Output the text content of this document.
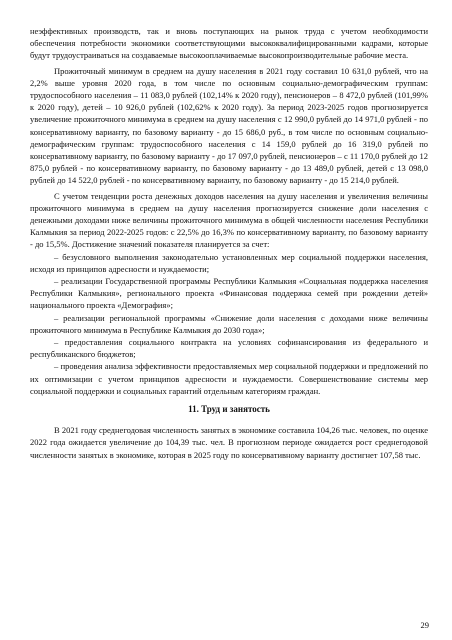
неэффективных производств, так и вновь поступающих на рынок труда с учетом необходимости обеспечения потребности экономики соответствующими высококвалифицированными кадрами, которые будут трудоустраиваться на создаваемые высокооплачиваемые высокопроизводительные рабочие места.

Прожиточный минимум в среднем на душу населения в 2021 году составил 10 631,0 рублей, что на 2,2% выше уровня 2020 года, в том числе по основным социально-демографическим группам: трудоспособного населения – 11 083,0 рублей (102,14% к 2020 году), пенсионеров – 8 472,0 рублей (101,99% к 2020 году), детей – 10 926,0 рублей (102,62% к 2020 году). За период 2023-2025 годов прогнозируется увеличение прожиточного минимума в среднем на душу населения с 12 990,0 рублей до 14 971,0 рублей - по консервативному варианту, по базовому варианту - до 15 686,0 руб., в том числе по основным социально-демографическим группам: трудоспособного населения с 14 159,0 рублей до 16 319,0 рублей по консервативному варианту, по базовому варианту - до 17 097,0 рублей, пенсионеров – с 11 170,0 рублей до 12 875,0 рублей - по консервативному варианту, по базовому варианту - до 13 489,0 рублей, детей с 13 098,0 рублей до 14 522,0 рублей - по консервативному варианту, по базовому варианту - до 15 214,0 рублей.

С учетом тенденции роста денежных доходов населения на душу населения и увеличения величины прожиточного минимума в среднем на душу населения прогнозируется снижение доли населения с денежными доходами ниже величины прожиточного минимума в общей численности населения Республики Калмыкия за период 2022-2025 годов: с 22,5% до 16,3% по консервативному варианту, по базовому варианту - до 15,5%. Достижение значений показателя планируется за счет:

– безусловного выполнения законодательно установленных мер социальной поддержки населения, исходя из принципов адресности и нуждаемости;

– реализации Государственной программы Республики Калмыкия «Социальная поддержка населения Республики Калмыкия», регионального проекта «Финансовая поддержка семей при рождении детей» национального проекта «Демография»;

– реализации региональной программы «Снижение доли населения с доходами ниже величины прожиточного минимума в Республике Калмыкия до 2030 года»;

– предоставления социального контракта на условиях софинансирования из федерального и республиканского бюджетов;

– проведения анализа эффективности предоставляемых мер социальной поддержки и предложений по их оптимизации с учетом принципов адресности и нуждаемости. Совершенствование системы мер социальной поддержки и социальных гарантий отдельным категориям граждан.

11. Труд и занятость

В 2021 году среднегодовая численность занятых в экономике составила 104,26 тыс. человек, по оценке 2022 года ожидается увеличение до 104,39 тыс. чел. В прогнозном периоде ожидается рост среднегодовой численности занятых в экономике, которая в 2025 году по консервативному варианту достигнет 107,58 тыс.

29
